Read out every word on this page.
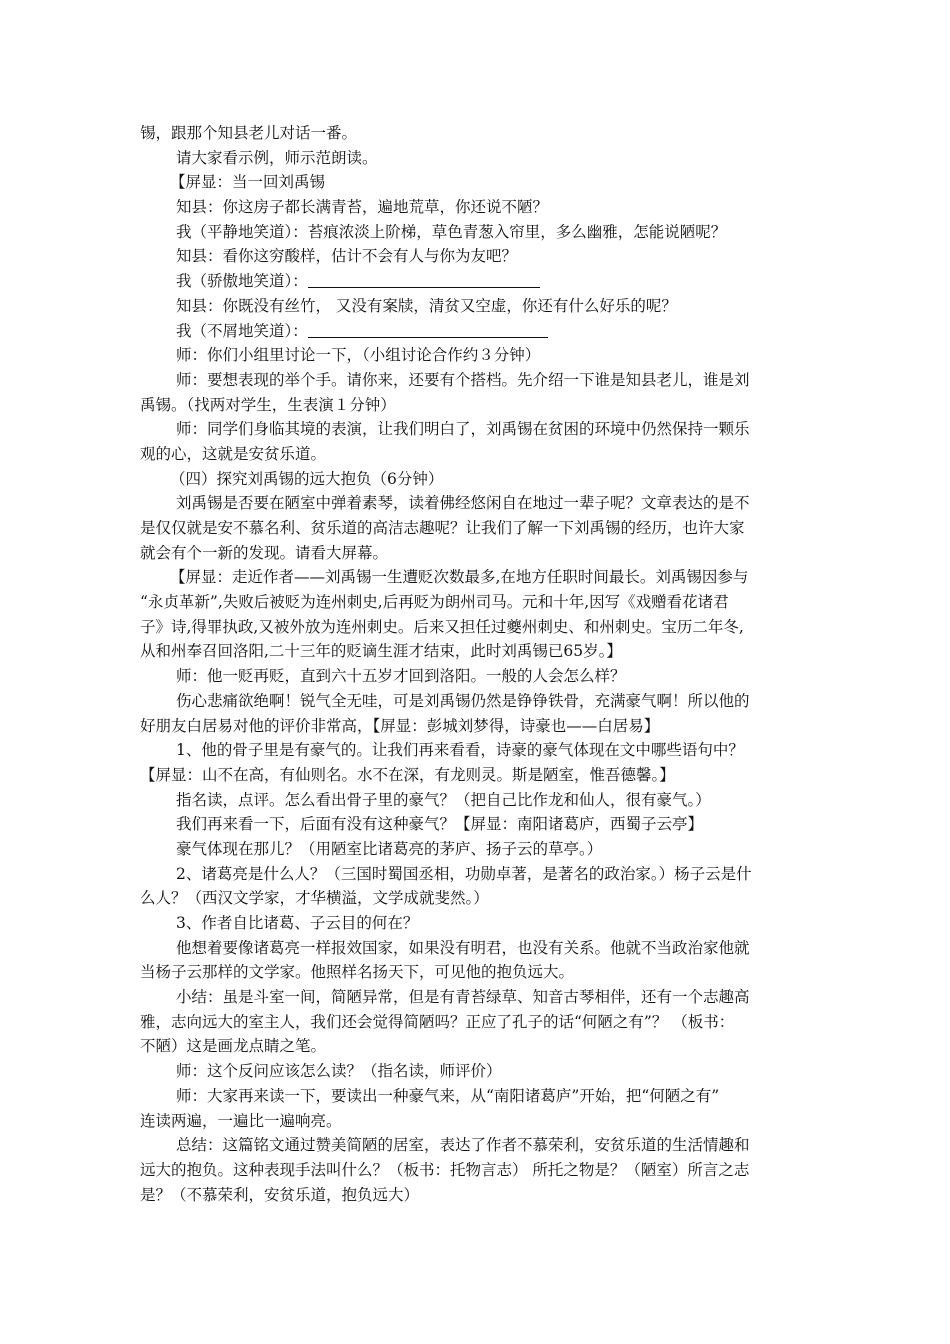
锡，跟那个知县老儿对话一番。
请大家看示例，师示范朗读。
【屏显：当一回刘禹锡
知县：你这房子都长满青苔，遍地荒草，你还说不陋？
我（平静地笑道）：苔痕浓淡上阶梯，草色青葱入帘里，多么幽雅，怎能说陋呢？
知县：看你这穷酸样，估计不会有人与你为友吧？
我（骄傲地笑道）：
知县：你既没有丝竹， 又没有案牍，清贫又空虚，你还有什么好乐的呢？
我（不屑地笑道）：
师：你们小组里讨论一下，（小组讨论合作约３分钟）
师：要想表现的举个手。请你来，还要有个搭档。先介绍一下谁是知县老儿，谁是刘
禹锡。（找两对学生，生表演１分钟）
师：同学们身临其境的表演，让我们明白了，刘禹锡在贫困的环境中仍然保持一颗乐
观的心，这就是安贫乐道。
（四）探究刘禹锡的远大抱负（6分钟）
刘禹锡是否要在陋室中弹着素琴，读着佛经悠闲自在地过一辈子呢？文章表达的是不
是仅仅就是安不慕名利、贫乐道的高洁志趣呢？让我们了解一下刘禹锡的经历，也许大家
就会有个一新的发现。请看大屏幕。
【屏显：走近作者——刘禹锡一生遭贬次数最多,在地方任职时间最长。刘禹锡因参与
“永贞革新”,失败后被贬为连州刺史,后再贬为朗州司马。元和十年,因写《戏赠看花诸君
子》诗,得罪执政,又被外放为连州刺史。后来又担任过夔州刺史、和州刺史。宝历二年冬,
从和州奉召回洛阳,二十三年的贬谪生涯才结束，此时刘禹锡已65岁。】
师：他一贬再贬，直到六十五岁才回到洛阳。一般的人会怎么样？
伤心悲痛欲绝啊！锐气全无哇，可是刘禹锡仍然是铮铮铁骨，充满豪气啊！所以他的
好朋友白居易对他的评价非常高，【屏显：彭城刘梦得，诗豪也——白居易】
1、他的骨子里是有豪气的。让我们再来看看，诗豪的豪气体现在文中哪些语句中？
【屏显：山不在高，有仙则名。水不在深，有龙则灵。斯是陋室，惟吾德馨。】
指名读，点评。怎么看出骨子里的豪气？（把自己比作龙和仙人，很有豪气。）
我们再来看一下，后面有没有这种豪气？【屏显：南阳诸葛庐，西蜀子云亭】
豪气体现在那儿？（用陋室比诸葛亮的茅庐、扬子云的草亭。）
2、诸葛亮是什么人？（三国时蜀国丞相，功勋卓著，是著名的政治家。）杨子云是什
么人？（西汉文学家，才华横溢，文学成就斐然。）
3、作者自比诸葛、子云目的何在？
他想着要像诸葛亮一样报效国家，如果没有明君，也没有关系。他就不当政治家他就
当杨子云那样的文学家。他照样名扬天下，可见他的抱负远大。
小结：虽是斗室一间，简陋异常，但是有青苔绿草、知音古琴相伴，还有一个志趣高
雅，志向远大的室主人，我们还会觉得简陋吗？正应了孔子的话“何陋之有”？ （板书：
不陋）这是画龙点睛之笔。
师：这个反问应该怎么读？（指名读，师评价）
师：大家再来读一下，要读出一种豪气来，从“南阳诸葛庐”开始，把“何陋之有”
连读两遍，一遍比一遍响亮。
总结：这篇铭文通过赞美简陋的居室，表达了作者不慕荣利，安贫乐道的生活情趣和
远大的抱负。这种表现手法叫什么？（板书：托物言志） 所托之物是？（陋室）所言之志
是？（不慕荣利，安贫乐道，抱负远大）
